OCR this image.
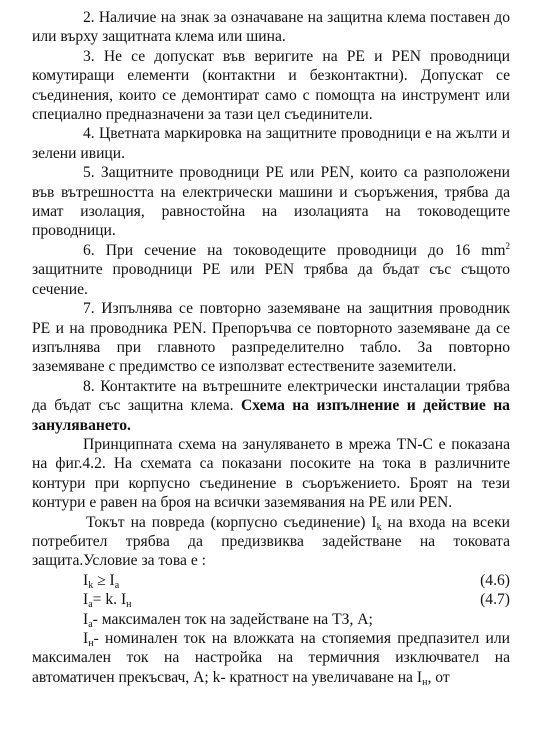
2. Наличие на знак за означаване на защитна клема поставен до или върху защитната клема или шина.

3. Не се допускат във веригите на PE и PEN проводници комутиращи елементи (контактни и безконтактни). Допускат се съединения, които се демонтират само с помощта на инструмент или специално предназначени за тази цел съединители.

4. Цветната маркировка на защитните проводници е на жълти и зелени ивици.

5. Защитните проводници PE или PEN, които са разположени във вътрешността на електрически машини и съоръжения, трябва да имат изолация, равностойна на изолацията на тоководещите проводници.

6. При сечение на тоководещите проводници до 16 $mm^2$ защитните проводници PE или PEN трябва да бъдат със същото сечение.

7. Изпълнява се повторно заземяване на защитния проводник PE и на проводника PEN. Препоръчва се повторното заземяване да се изпълнява при главното разпределително табло. За повторно заземяване с предимство се използват естествените заземители.

8. Контактите на вътрешните електрически инсталации трябва да бъдат със защитна клема. Схема на изпълнение и действие на зануляването.

Принципната схема на зануляването в мрежа TN-C е показана на фиг.4.2. На схемата са показани посоките на тока в различните контури при корпусно съединение в съоръжението. Броят на тези контури е равен на броя на всички заземявания на PE или PEN.

Токът на повреда (корпусно съединение) $I_k$ на входа на всеки потребител трябва да предизвиква задействане на токовата защита.Условие за това е :

$I_k \ge I_a$	(4.6)
$I_a= k$. $I_н$	(4.7)

$I_a-$ максимален ток на задействане на ТЗ, А;

$I_н-$ номинален ток на вложката на стопяемия предпазител или максимален ток на настройка на термичния изключвател на автоматичен прекъсвач, А; k- кратност на увеличаване на $I_н$, от
